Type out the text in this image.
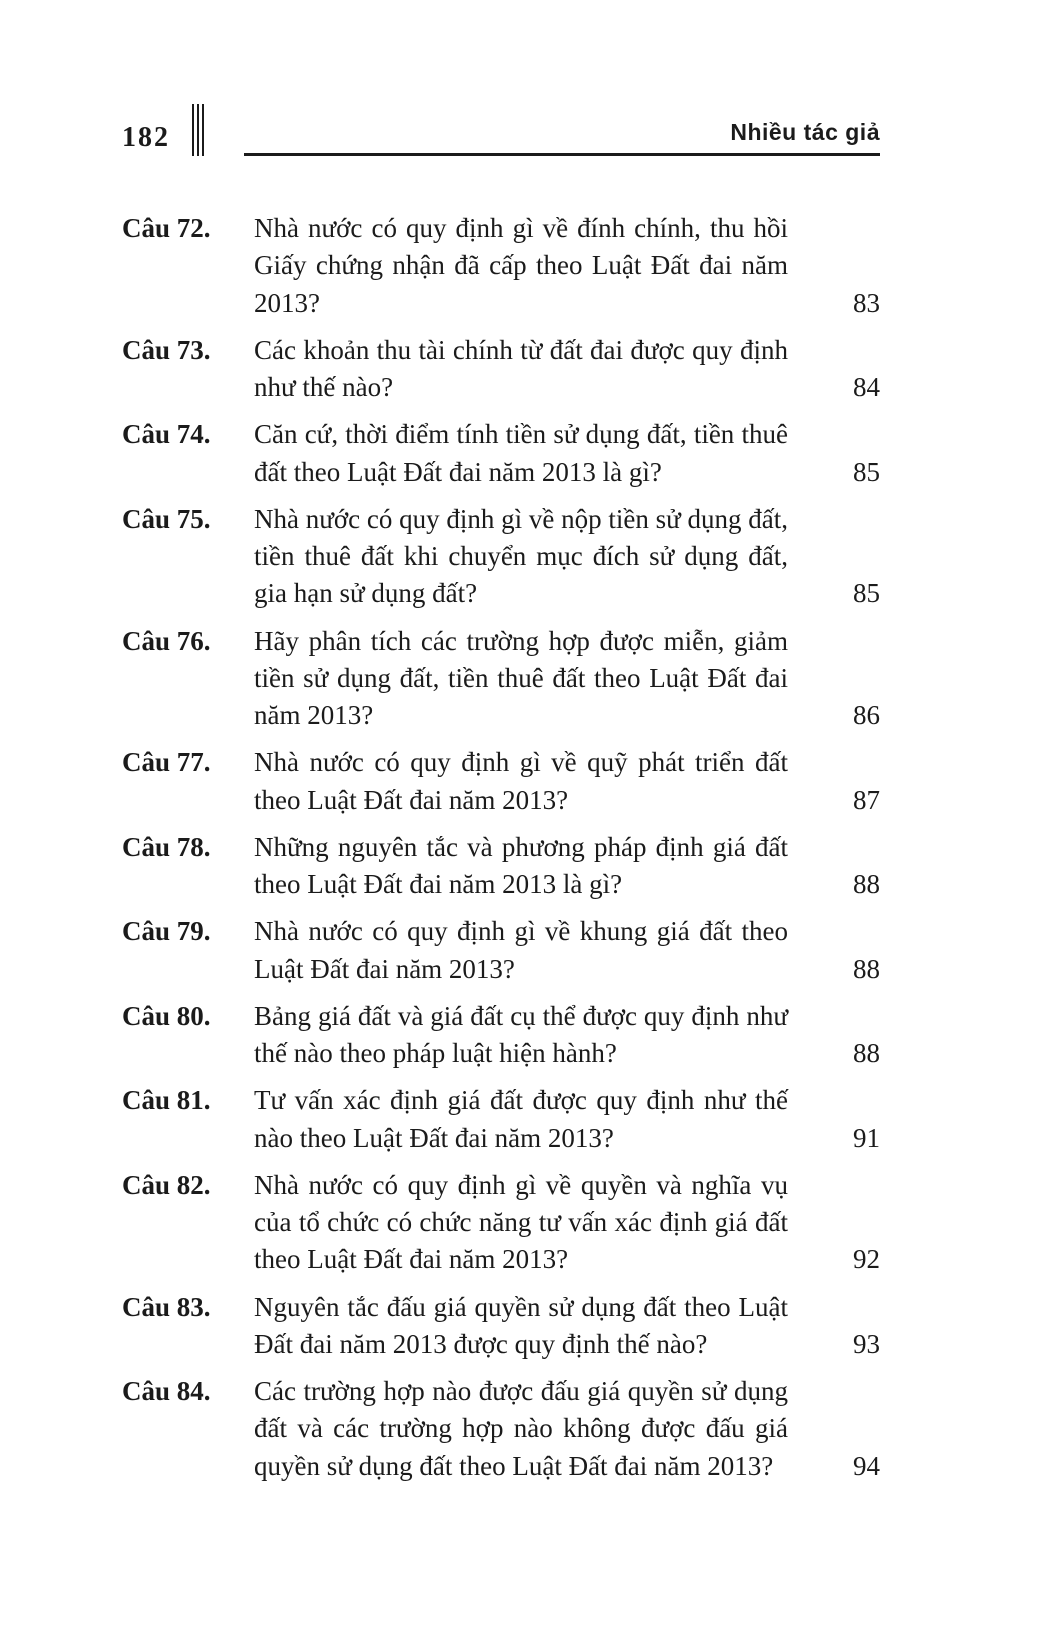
182	Nhiều tác giả
Câu 72.	Nhà nước có quy định gì về đính chính, thu hồi Giấy chứng nhận đã cấp theo Luật Đất đai năm 2013?	83
Câu 73.	Các khoản thu tài chính từ đất đai được quy định như thế nào?	84
Câu 74.	Căn cứ, thời điểm tính tiền sử dụng đất, tiền thuê đất theo Luật Đất đai năm 2013 là gì?	85
Câu 75.	Nhà nước có quy định gì về nộp tiền sử dụng đất, tiền thuê đất khi chuyển mục đích sử dụng đất, gia hạn sử dụng đất?	85
Câu 76.	Hãy phân tích các trường hợp được miễn, giảm tiền sử dụng đất, tiền thuê đất theo Luật Đất đai năm 2013?	86
Câu 77.	Nhà nước có quy định gì về quỹ phát triển đất theo Luật Đất đai năm 2013?	87
Câu 78.	Những nguyên tắc và phương pháp định giá đất theo Luật Đất đai năm 2013 là gì?	88
Câu 79.	Nhà nước có quy định gì về khung giá đất theo Luật Đất đai năm 2013?	88
Câu 80.	Bảng giá đất và giá đất cụ thể được quy định như thế nào theo pháp luật hiện hành?	88
Câu 81.	Tư vấn xác định giá đất được quy định như thế nào theo Luật Đất đai năm 2013?	91
Câu 82.	Nhà nước có quy định gì về quyền và nghĩa vụ của tổ chức có chức năng tư vấn xác định giá đất theo Luật Đất đai năm 2013?	92
Câu 83.	Nguyên tắc đấu giá quyền sử dụng đất theo Luật Đất đai năm 2013 được quy định thế nào?	93
Câu 84.	Các trường hợp nào được đấu giá quyền sử dụng đất và các trường hợp nào không được đấu giá quyền sử dụng đất theo Luật Đất đai năm 2013?	94
